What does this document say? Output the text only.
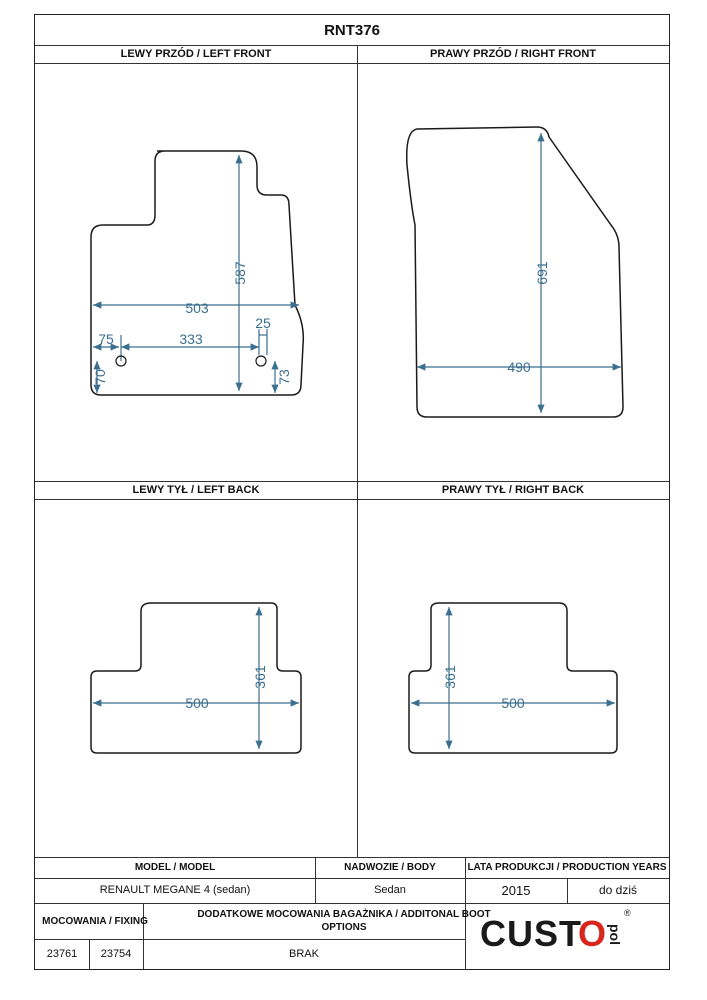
RNT376
LEWY PRZÓD / LEFT FRONT	PRAWY PRZÓD / RIGHT FRONT
LEWY TYŁ / LEFT BACK	PRAWY TYŁ / RIGHT BACK
587
503
75	333
25
70	73
691
490
361
500
361
500
MODEL / MODEL	NADWOZIE / BODY	LATA PRODUKCJI / PRODUCTION YEARS
RENAULT MEGANE 4 (sedan)	Sedan	2015	do dziś
MOCOWANIA / FIXING
DODATKOWE MOCOWANIA BAGAŻNIKA / ADDITONAL BOOT OPTIONS
23761	23754	BRAK	CUST
O pol
®
